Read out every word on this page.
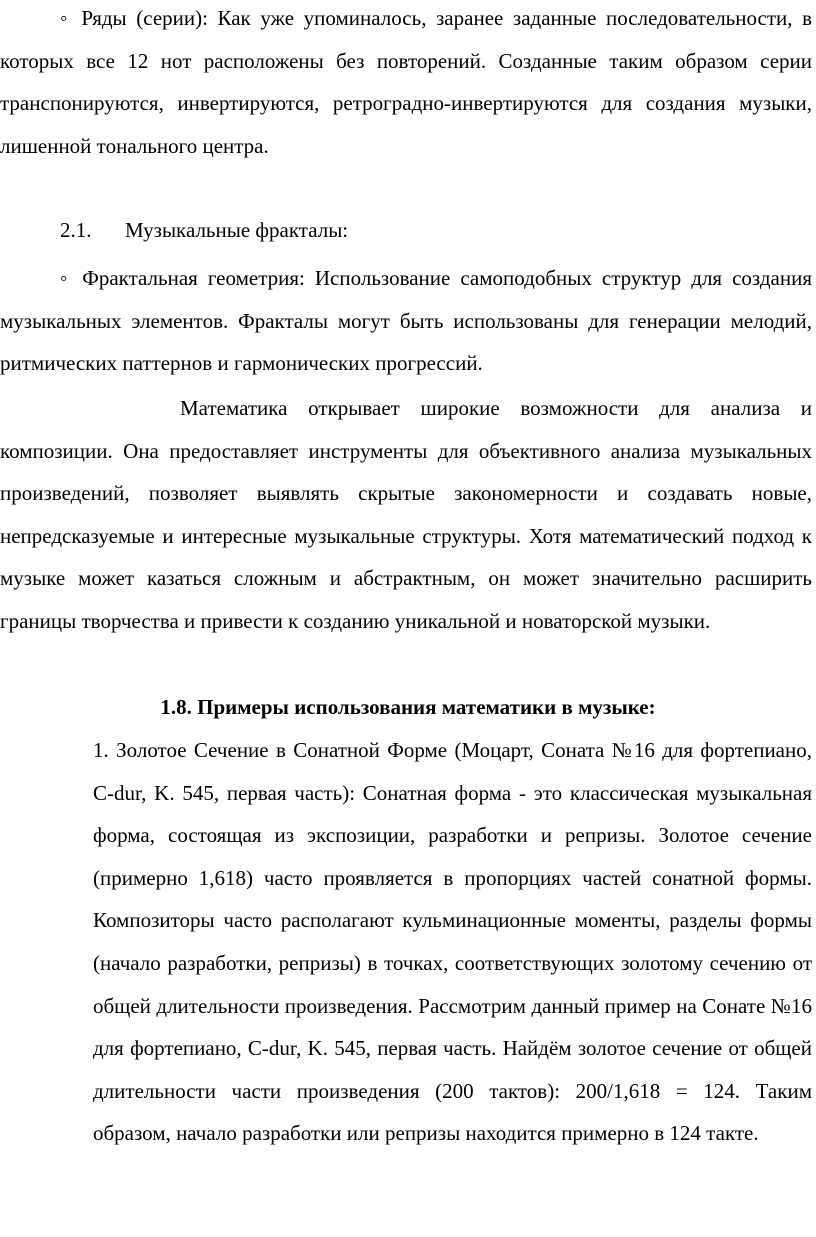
◦ Ряды (серии): Как уже упоминалось, заранее заданные последовательности, в которых все 12 нот расположены без повторений. Созданные таким образом серии транспонируются, инвертируются, ретроградно-инвертируются для создания музыки, лишенной тонального центра.

2.1. Музыкальные фракталы:

◦ Фрактальная геометрия: Использование самоподобных структур для создания музыкальных элементов. Фракталы могут быть использованы для генерации мелодий, ритмических паттернов и гармонических прогрессий.

Математика открывает широкие возможности для анализа и композиции. Она предоставляет инструменты для объективного анализа музыкальных произведений, позволяет выявлять скрытые закономерности и создавать новые, непредсказуемые и интересные музыкальные структуры. Хотя математический подход к музыке может казаться сложным и абстрактным, он может значительно расширить границы творчества и привести к созданию уникальной и новаторской музыки.

1.8. Примеры использования математики в музыке:

1. Золотое Сечение в Сонатной Форме (Моцарт, Соната №16 для фортепиано, C-dur, K. 545, первая часть): Сонатная форма - это классическая музыкальная форма, состоящая из экспозиции, разработки и репризы. Золотое сечение (примерно 1,618) часто проявляется в пропорциях частей сонатной формы. Композиторы часто располагают кульминационные моменты, разделы формы (начало разработки, репризы) в точках, соответствующих золотому сечению от общей длительности произведения. Рассмотрим данный пример на Сонате №16 для фортепиано, C-dur, K. 545, первая часть. Найдём золотое сечение от общей длительности части произведения (200 тактов): 200/1,618 = 124. Таким образом, начало разработки или репризы находится примерно в 124 такте.
